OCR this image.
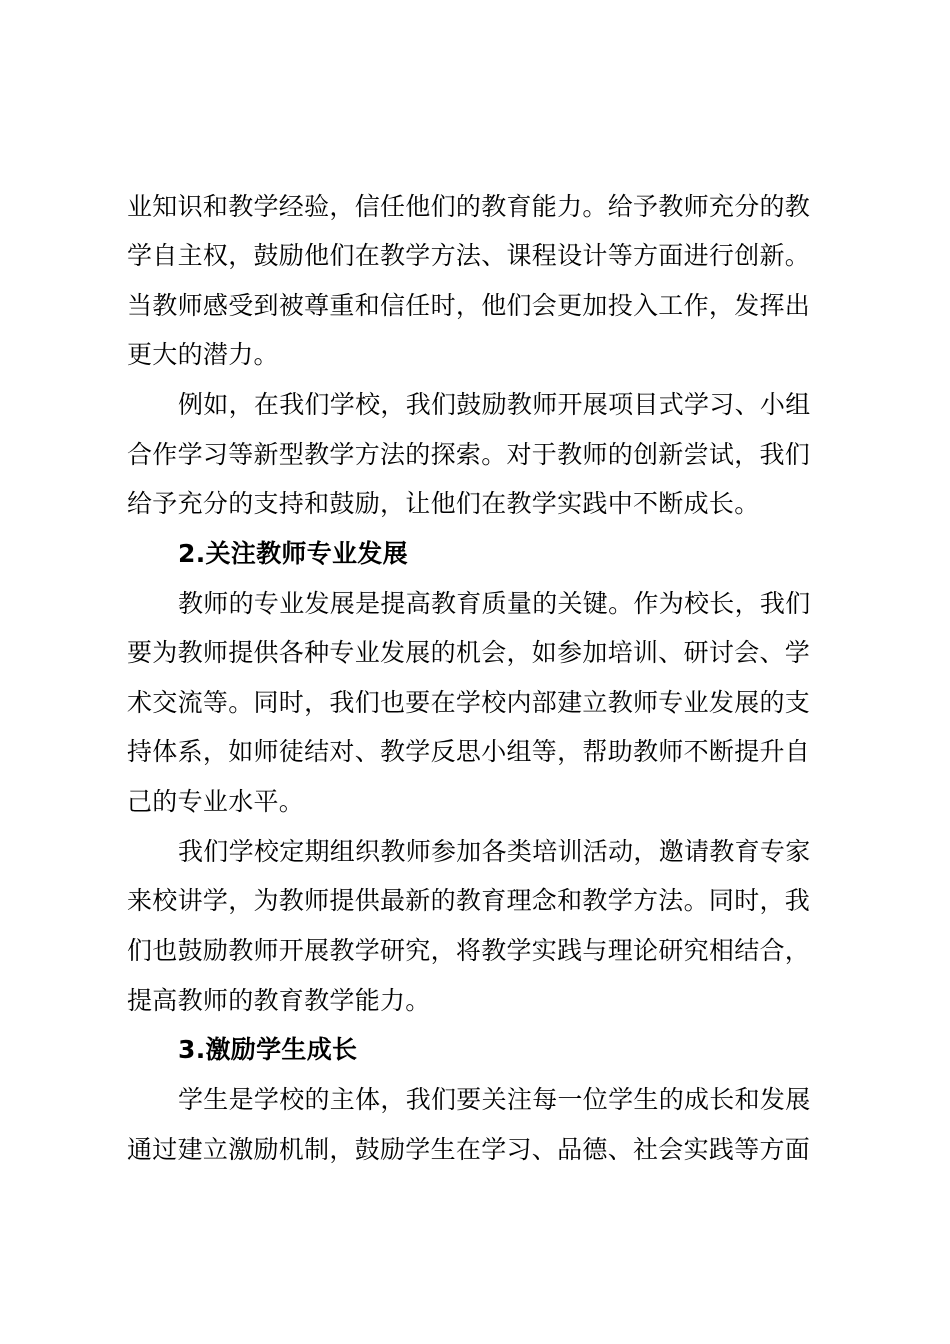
业知识和教学经验，信任他们的教育能力。给予教师充分的教
学自主权，鼓励他们在教学方法、课程设计等方面进行创新。
当教师感受到被尊重和信任时，他们会更加投入工作，发挥出
更大的潜力。
例如，在我们学校，我们鼓励教师开展项目式学习、小组
合作学习等新型教学方法的探索。对于教师的创新尝试，我们
给予充分的支持和鼓励，让他们在教学实践中不断成长。
2.关注教师专业发展
教师的专业发展是提高教育质量的关键。作为校长，我们
要为教师提供各种专业发展的机会，如参加培训、研讨会、学
术交流等。同时，我们也要在学校内部建立教师专业发展的支
持体系，如师徒结对、教学反思小组等，帮助教师不断提升自
己的专业水平。
我们学校定期组织教师参加各类培训活动，邀请教育专家
来校讲学，为教师提供最新的教育理念和教学方法。同时，我
们也鼓励教师开展教学研究，将教学实践与理论研究相结合，
提高教师的教育教学能力。
3.激励学生成长
学生是学校的主体，我们要关注每一位学生的成长和发展
通过建立激励机制，鼓励学生在学习、品德、社会实践等方面
